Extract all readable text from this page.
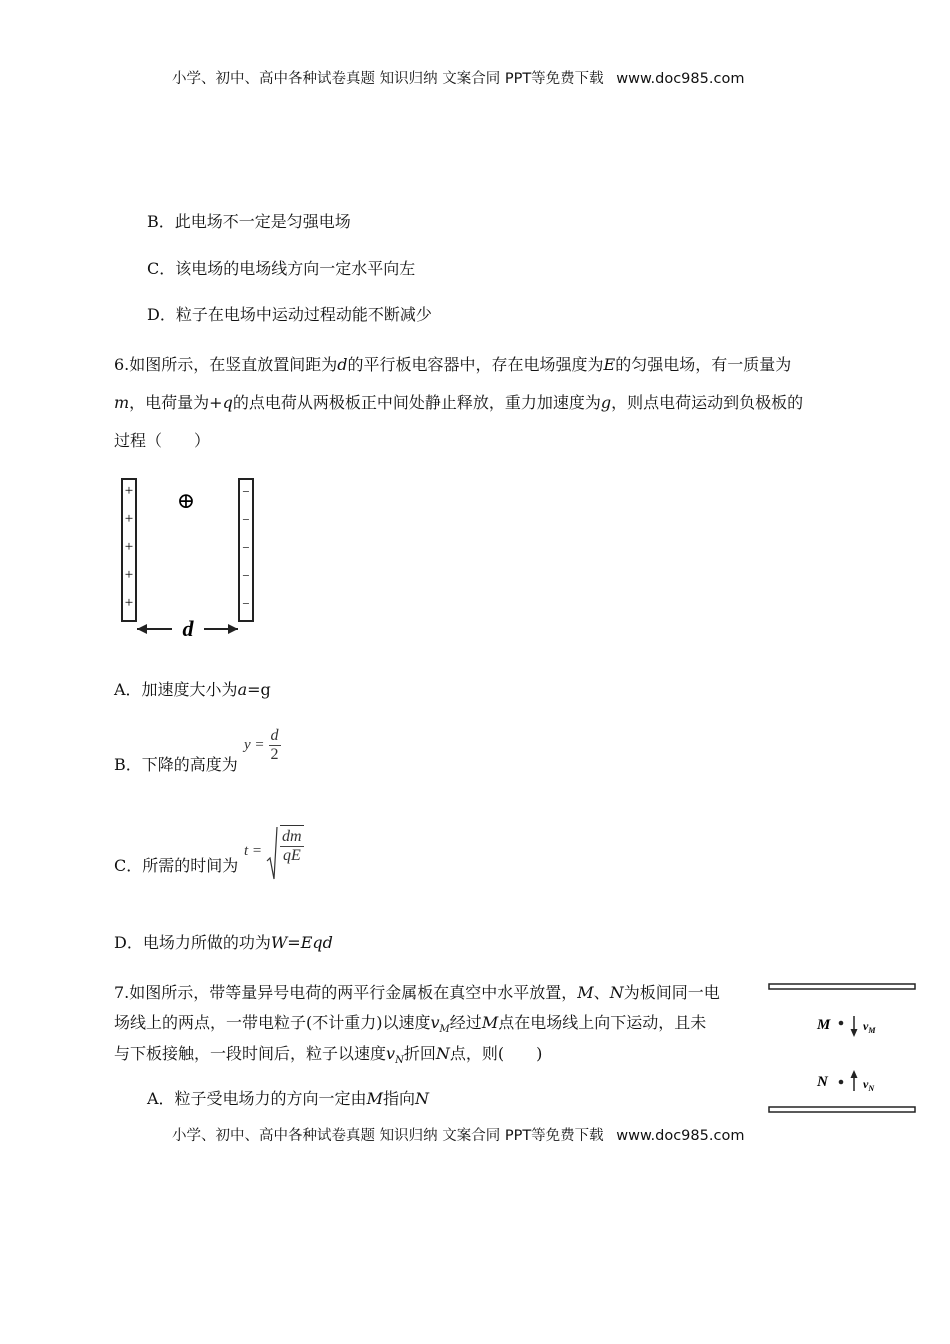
小学、初中、高中各种试卷真题 知识归纳 文案合同 PPT等免费下载 www.doc985.com
B．此电场不一定是匀强电场
C．该电场的电场线方向一定水平向左
D．粒子在电场中运动过程动能不断减少
6.如图所示，在竖直放置间距为d的平行板电容器中，存在电场强度为E的匀强电场，有一质量为
m，电荷量为+q的点电荷从两极板正中间处静止释放，重力加速度为g，则点电荷运动到负极板的
过程（　　）
+
+
+
+
+
−
−
−
−
−
⊕
d
A．加速度大小为a=g
B．下降的高度为
$y = \frac{d}{2}$
C．所需的时间为
$t = \frac{dm}{qE}$
D．电场力所做的功为W=Eqd
7.如图所示，带等量异号电荷的两平行金属板在真空中水平放置，M、N为板间同一电
场线上的两点，一带电粒子(不计重力)以速度$v_M$经过M点在电场线上向下运动，且未
与下板接触，一段时间后，粒子以速度$v_N$折回N点，则(　　)
A．粒子受电场力的方向一定由M指向N
M	$v_M$
N	$v_N$
小学、初中、高中各种试卷真题 知识归纳 文案合同 PPT等免费下载 www.doc985.com
